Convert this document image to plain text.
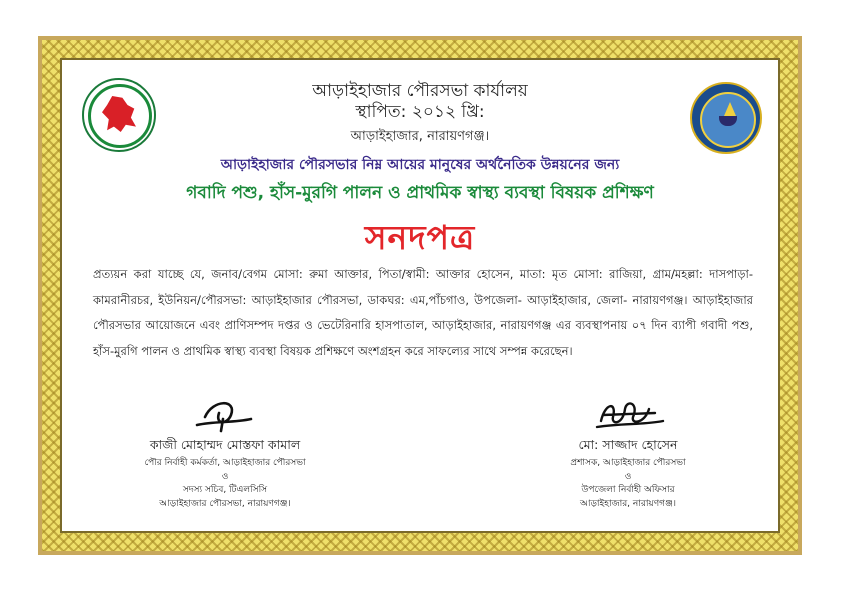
আড়াইহাজার পৌরসভা কার্যালয়
স্থাপিত: ২০১২ খ্রি:
আড়াইহাজার, নারায়ণগঞ্জ।
আড়াইহাজার পৌরসভার নিম্ন আয়ের মানুষের অর্থনৈতিক উন্নয়নের জন্য
গবাদি পশু, হাঁস-মুরগি পালন ও প্রাথমিক স্বাস্থ্য ব্যবস্থা বিষয়ক প্রশিক্ষণ
সনদপত্র
প্রত্যয়ন করা যাচ্ছে যে, জনাব/বেগম মোসা: রুমা আক্তার, পিতা/স্বামী: আক্তার হোসেন, মাতা: মৃত মোসা: রাজিয়া, গ্রাম/মহল্লা: দাসপাড়া-কামরানীরচর, ইউনিয়ন/পৌরসভা: আড়াইহাজার পৌরসভা, ডাকঘর: এম,পাঁচগাও, উপজেলা- আড়াইহাজার, জেলা- নারায়ণগঞ্জ। আড়াইহাজার পৌরসভার আয়োজনে এবং প্রাণিসম্পদ দপ্তর ও ভেটেরিনারি হাসপাতাল, আড়াইহাজার, নারায়ণগঞ্জ এর ব্যবস্থাপনায় ০৭ দিন ব্যাপী গবাদী পশু, হাঁস-মুরগি পালন ও প্রাথমিক স্বাস্থ্য ব্যবস্থা বিষয়ক প্রশিক্ষণে অংশগ্রহন করে সাফল্যের সাথে সম্পন্ন করেছেন।
কাজী মোহাম্মদ মোস্তফা কামাল
পৌর নির্বাহী কর্মকর্তা, আড়াইহাজার পৌরসভা
ও
সদস্য সচিব, টিএলসিসি
আড়াইহাজার পৌরসভা, নারায়ণগঞ্জ।
মো: সাজ্জাদ হোসেন
প্রশাসক, আড়াইহাজার পৌরসভা
ও
উপজেলা নির্বাহী অফিসার
আড়াইহাজার, নারায়ণগঞ্জ।
